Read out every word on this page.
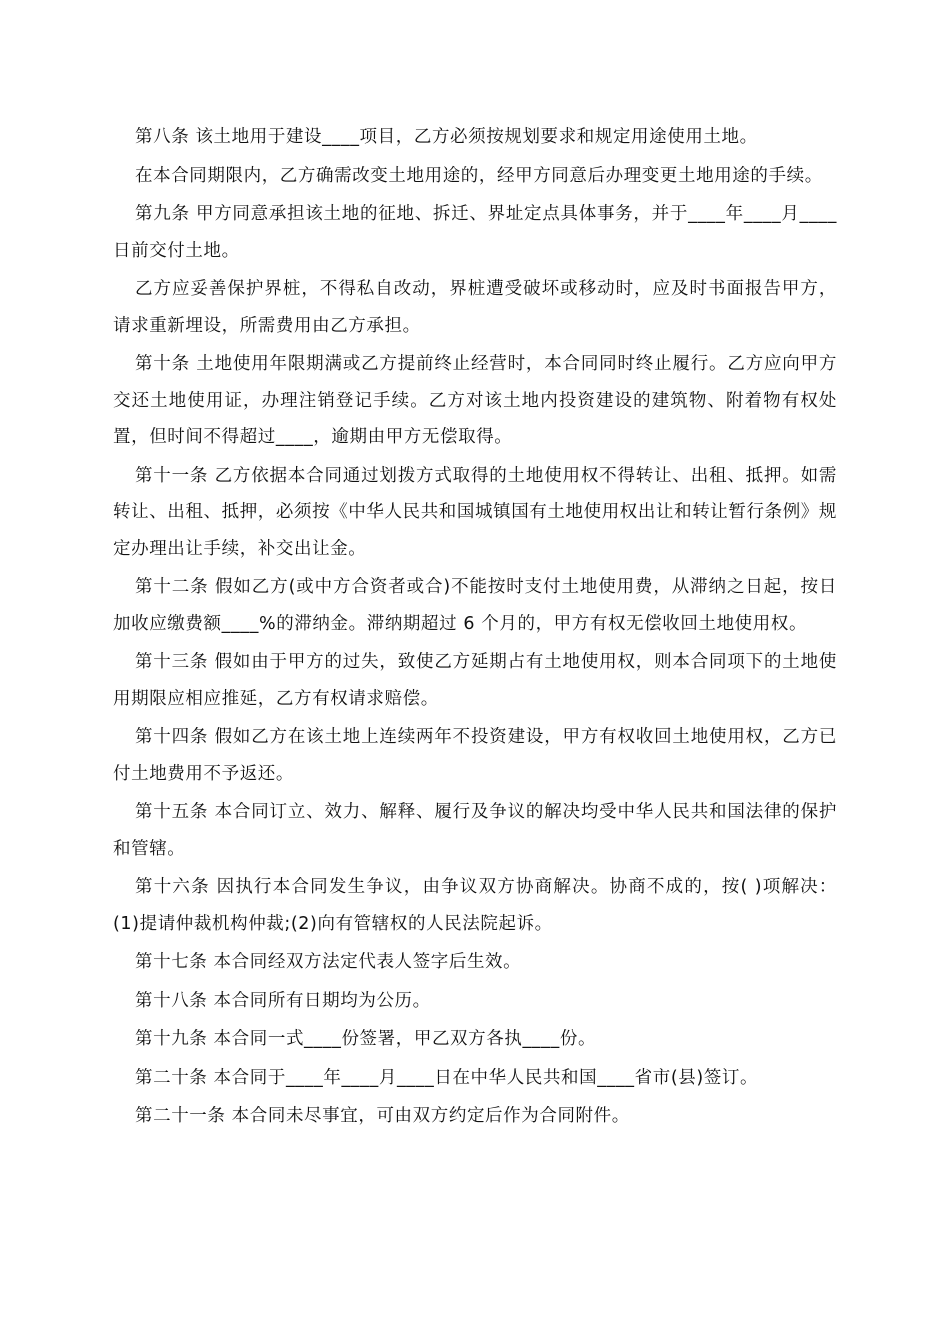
第八条 该土地用于建设____项目，乙方必须按规划要求和规定用途使用土地。

在本合同期限内，乙方确需改变土地用途的，经甲方同意后办理变更土地用途的手续。

第九条 甲方同意承担该土地的征地、拆迁、界址定点具体事务，并于____年____月____日前交付土地。

乙方应妥善保护界桩，不得私自改动，界桩遭受破坏或移动时，应及时书面报告甲方，请求重新埋设，所需费用由乙方承担。

第十条 土地使用年限期满或乙方提前终止经营时，本合同同时终止履行。乙方应向甲方交还土地使用证，办理注销登记手续。乙方对该土地内投资建设的建筑物、附着物有权处置，但时间不得超过____，逾期由甲方无偿取得。

第十一条 乙方依据本合同通过划拨方式取得的土地使用权不得转让、出租、抵押。如需转让、出租、抵押，必须按《中华人民共和国城镇国有土地使用权出让和转让暂行条例》规定办理出让手续，补交出让金。

第十二条 假如乙方(或中方合资者或合)不能按时支付土地使用费，从滞纳之日起，按日加收应缴费额____%的滞纳金。滞纳期超过 6 个月的，甲方有权无偿收回土地使用权。

第十三条 假如由于甲方的过失，致使乙方延期占有土地使用权，则本合同项下的土地使用期限应相应推延，乙方有权请求赔偿。

第十四条 假如乙方在该土地上连续两年不投资建设，甲方有权收回土地使用权，乙方已付土地费用不予返还。

第十五条 本合同订立、效力、解释、履行及争议的解决均受中华人民共和国法律的保护和管辖。

第十六条 因执行本合同发生争议，由争议双方协商解决。协商不成的，按( )项解决：(1)提请仲裁机构仲裁;(2)向有管辖权的人民法院起诉。

第十七条 本合同经双方法定代表人签字后生效。

第十八条 本合同所有日期均为公历。

第十九条 本合同一式____份签署，甲乙双方各执____份。

第二十条 本合同于____年____月____日在中华人民共和国____省市(县)签订。

第二十一条 本合同未尽事宜，可由双方约定后作为合同附件。
